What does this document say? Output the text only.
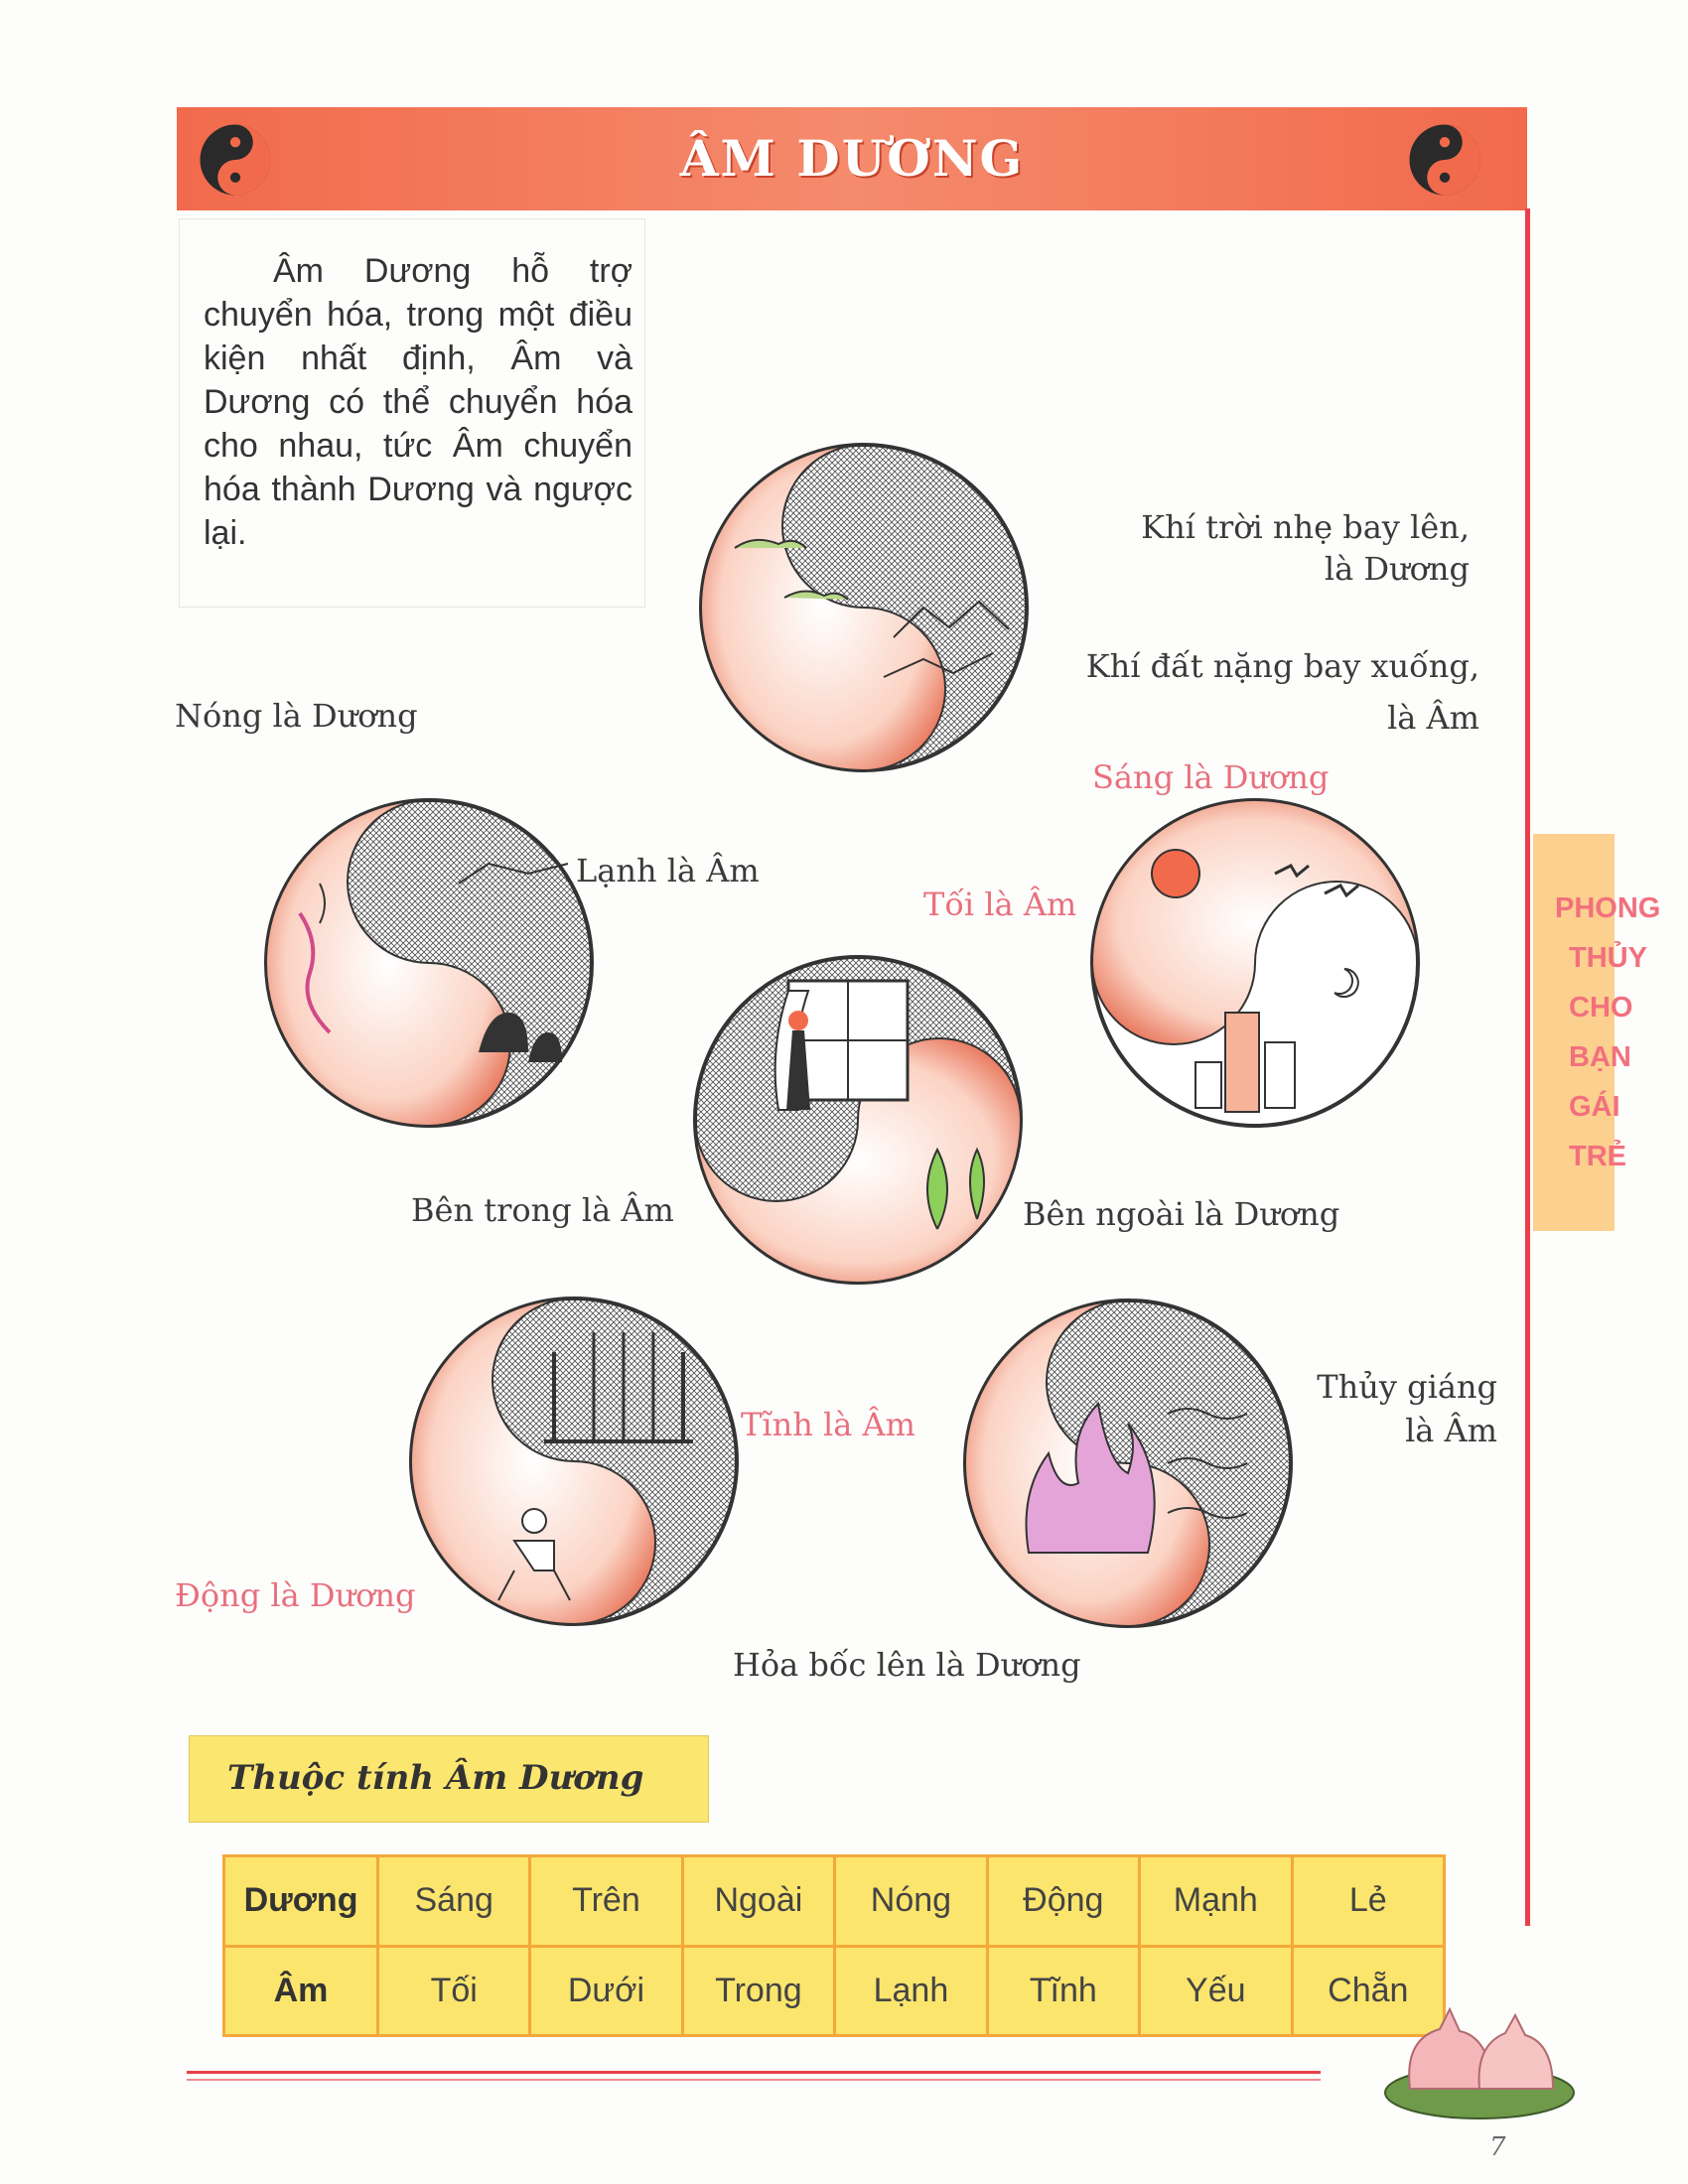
ÂM DƯƠNG
PHONG
THỦY
CHO
BẠN
GÁI
TRẺ
Âm Dương hỗ trợ chuyển hóa, trong một điều kiện nhất định, Âm và Dương có thể chuyển hóa cho nhau, tức Âm chuyển hóa thành Dương và ngược lại.	Khí trời nhẹ bay lên,
là Dương
Khí đất nặng bay xuống,
là Âm
Nóng là Dương
Lạnh là Âm
Sáng là Dương
Tối là Âm
Bên trong là Âm	Bên ngoài là Dương
Tĩnh là Âm
Động là Dương
Thủy giáng
là Âm
Hỏa bốc lên là Dương
Thuộc tính Âm Dương
Dương	Sáng	Trên	Ngoài	Nóng	Động	Mạnh	Lẻ
Âm	Tối	Dưới	Trong	Lạnh	Tĩnh	Yếu	Chẵn
7
